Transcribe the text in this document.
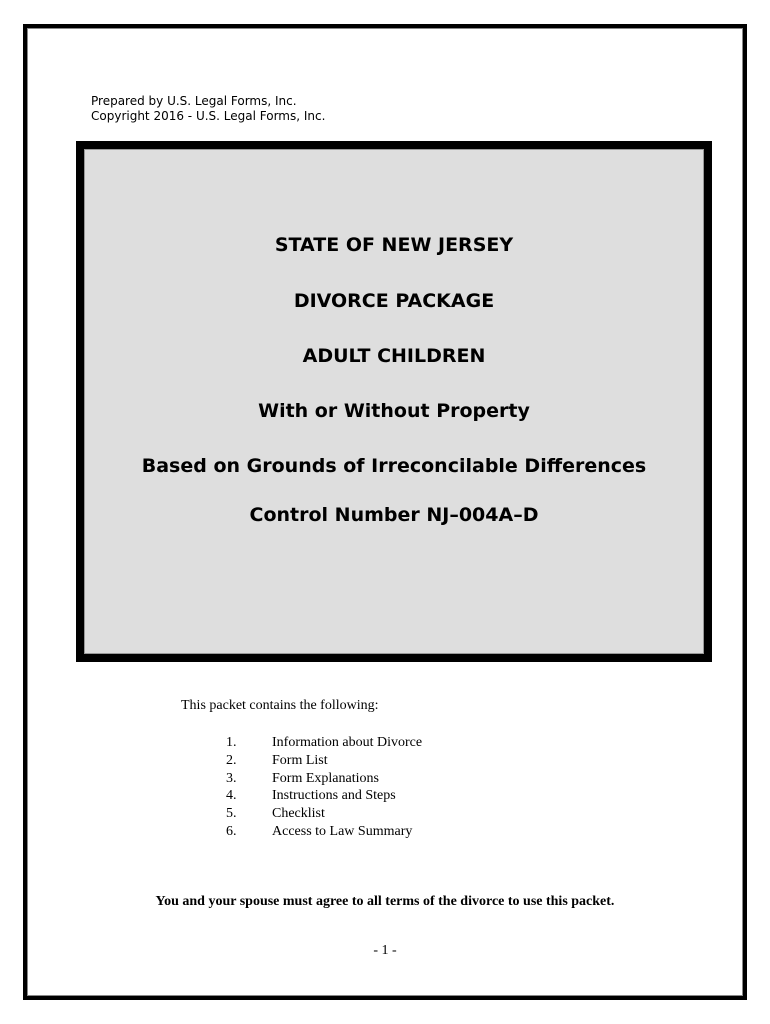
Prepared by U.S. Legal Forms, Inc.
Copyright 2016 - U.S. Legal Forms, Inc.
STATE OF NEW JERSEY
DIVORCE PACKAGE
ADULT CHILDREN
With or Without Property
Based on Grounds of Irreconcilable Differences
Control Number NJ–004A–D
This packet contains the following:
1.	Information about Divorce
2.	Form List
3.	Form Explanations
4.	Instructions and Steps
5.	Checklist
6.	Access to Law Summary
You and your spouse must agree to all terms of the divorce to use this packet.
- 1 -
